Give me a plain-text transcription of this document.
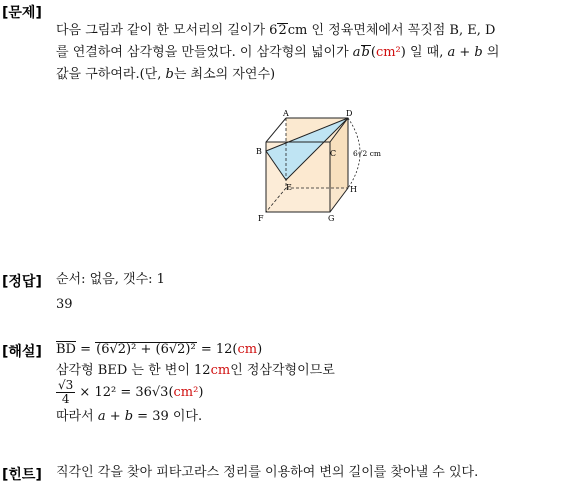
[문제]
다음 그림과 같이 한 모서리의 길이가 62cm 인 정육면체에서 꼭짓점 B, E, D
를 연결하여 삼각형을 만들었다. 이 삼각형의 넓이가 ab(cm²) 일 때, a + b 의
값을 구하여라.(단, b는 최소의 자연수)
A	D
B	C
E	H
F	G
6√2 cm
[정답] 순서: 없음, 갯수: 1
39
[해설] $\overline{BD} = (6√2)^2 + (6√2)^2 = 12(cm)$
삼각형 BED 는 한 변이 12cm인 정삼각형이므로
$\frac{√3}{4} \times 12^2 = 36√3(cm^2)$
따라서 a + b = 39 이다.
[힌트] 직각인 각을 찾아 피타고라스 정리를 이용하여 변의 길이를 찾아낼 수 있다.
